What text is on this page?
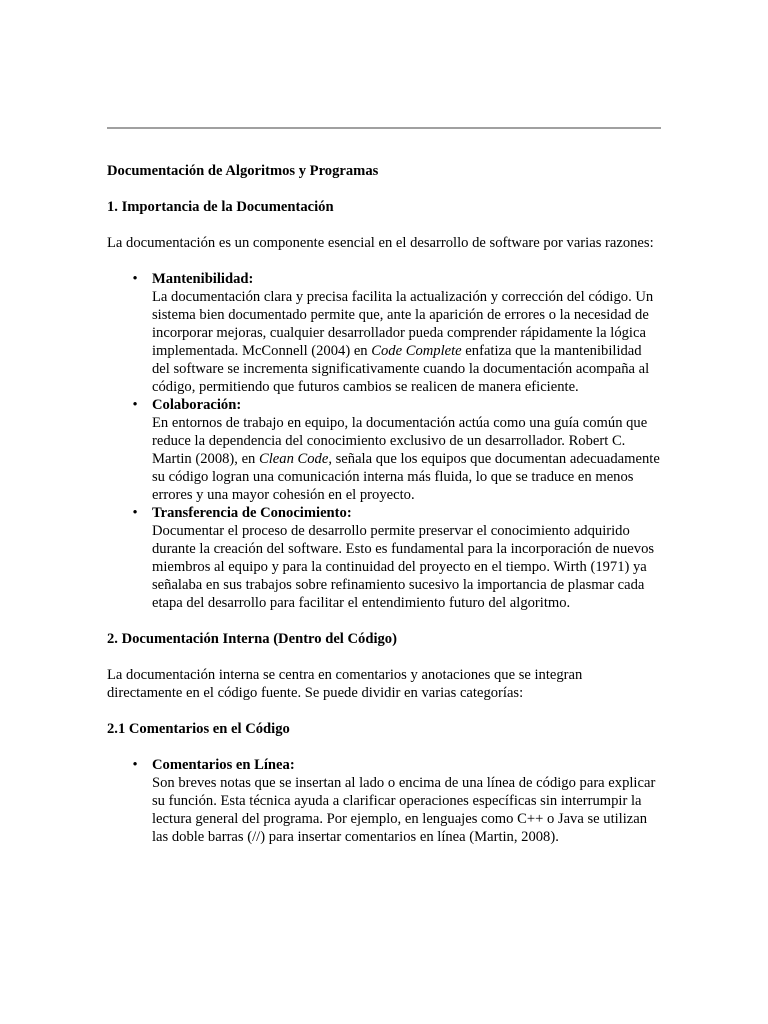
Documentación de Algoritmos y Programas

1. Importancia de la Documentación

La documentación es un componente esencial en el desarrollo de software por varias razones:

• Mantenibilidad:
La documentación clara y precisa facilita la actualización y corrección del código. Un sistema bien documentado permite que, ante la aparición de errores o la necesidad de incorporar mejoras, cualquier desarrollador pueda comprender rápidamente la lógica implementada. McConnell (2004) en Code Complete enfatiza que la mantenibilidad del software se incrementa significativamente cuando la documentación acompaña al código, permitiendo que futuros cambios se realicen de manera eficiente.
• Colaboración:
En entornos de trabajo en equipo, la documentación actúa como una guía común que reduce la dependencia del conocimiento exclusivo de un desarrollador. Robert C. Martin (2008), en Clean Code, señala que los equipos que documentan adecuadamente su código logran una comunicación interna más fluida, lo que se traduce en menos errores y una mayor cohesión en el proyecto.
• Transferencia de Conocimiento:
Documentar el proceso de desarrollo permite preservar el conocimiento adquirido durante la creación del software. Esto es fundamental para la incorporación de nuevos miembros al equipo y para la continuidad del proyecto en el tiempo. Wirth (1971) ya señalaba en sus trabajos sobre refinamiento sucesivo la importancia de plasmar cada etapa del desarrollo para facilitar el entendimiento futuro del algoritmo.

2. Documentación Interna (Dentro del Código)

La documentación interna se centra en comentarios y anotaciones que se integran directamente en el código fuente. Se puede dividir en varias categorías:

2.1 Comentarios en el Código

• Comentarios en Línea:
Son breves notas que se insertan al lado o encima de una línea de código para explicar su función. Esta técnica ayuda a clarificar operaciones específicas sin interrumpir la lectura general del programa. Por ejemplo, en lenguajes como C++ o Java se utilizan las doble barras (//) para insertar comentarios en línea (Martin, 2008).
